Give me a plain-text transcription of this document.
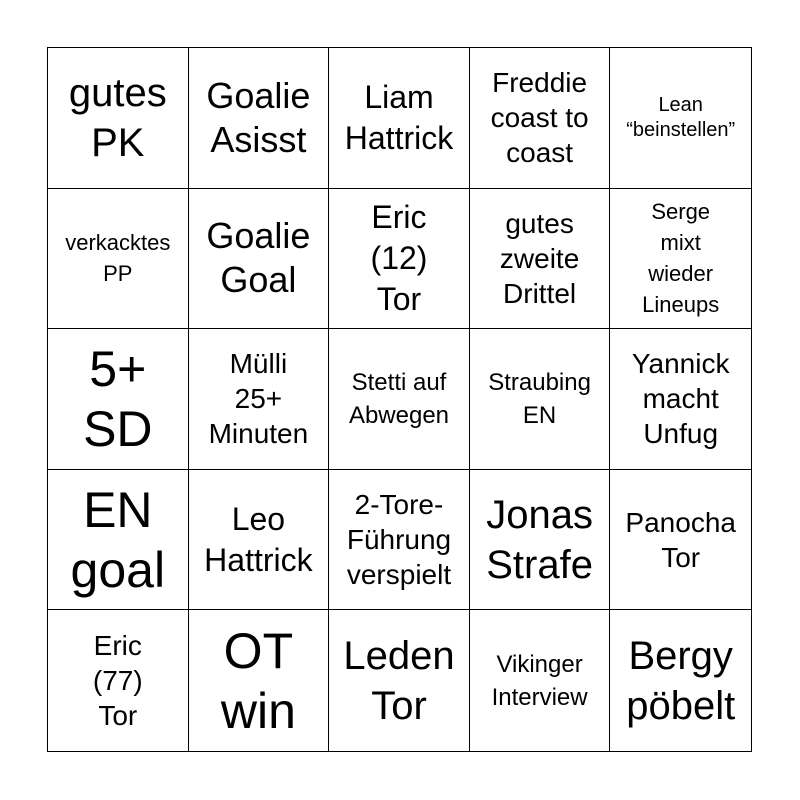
gutes
PK
Goalie
Asisst
Liam
Hattrick
Freddie
coast to
coast
Lean
“beinstellen”
verkacktes
PP
Goalie
Goal
Eric
(12)
Tor
gutes
zweite
Drittel
Serge
mixt
wieder
Lineups
5+
SD
Mülli
25+
Minuten
Stetti auf
Abwegen
Straubing
EN
Yannick
macht
Unfug
EN
goal
Leo
Hattrick
2-Tore-
Führung
verspielt
Jonas
Strafe
Panocha
Tor
Eric
(77)
Tor
OT
win
Leden
Tor
Vikinger
Interview
Bergy
pöbelt
